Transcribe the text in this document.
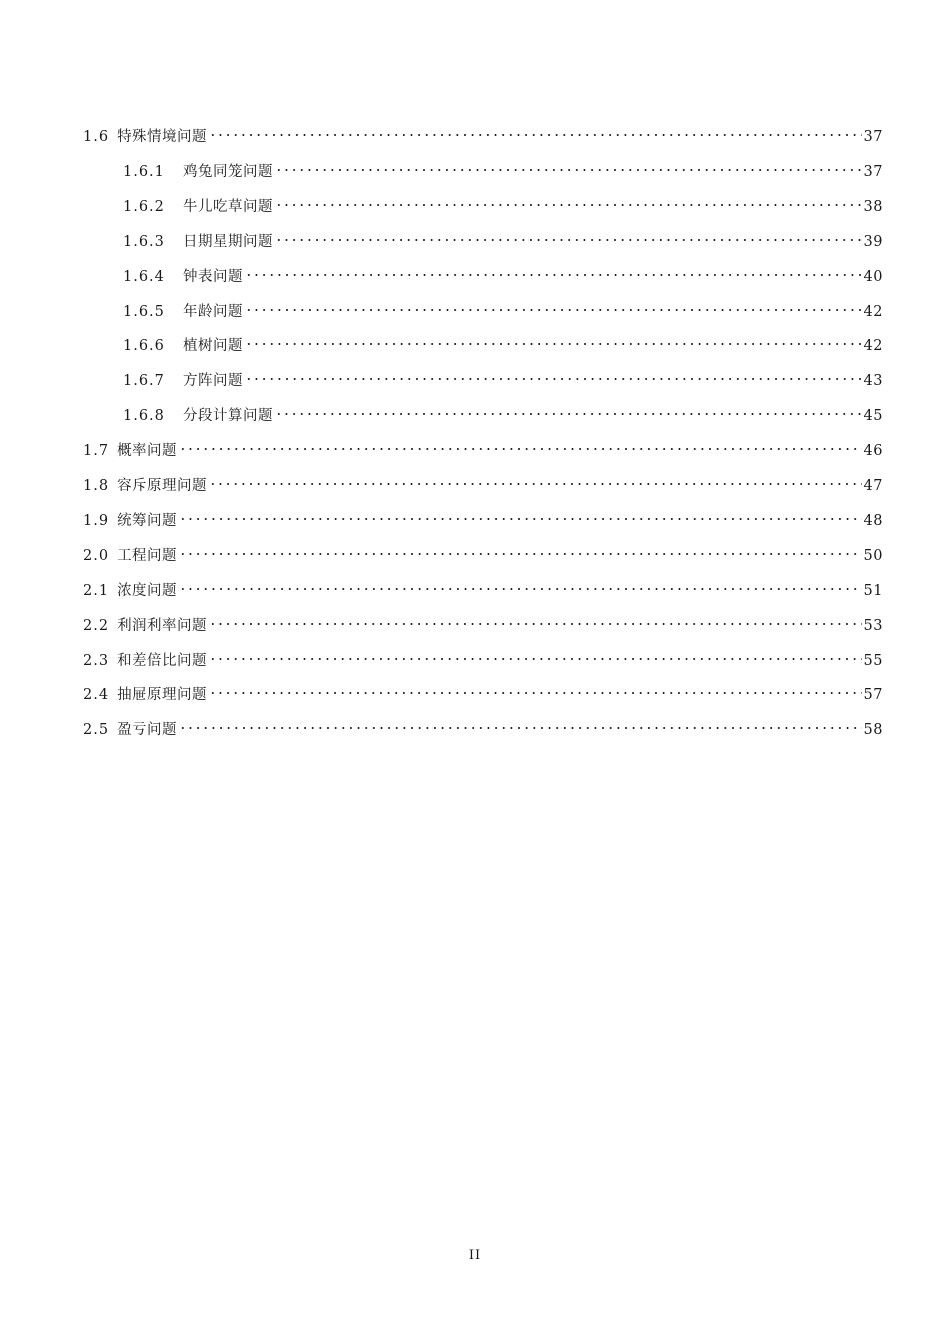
1.6 特殊情境问题	37
1.6.1	鸡兔同笼问题	37
1.6.2	牛儿吃草问题	38
1.6.3	日期星期问题	39
1.6.4	钟表问题	40
1.6.5	年龄问题	42
1.6.6	植树问题	42
1.6.7	方阵问题	43
1.6.8	分段计算问题	45
1.7 概率问题	46
1.8 容斥原理问题	47
1.9 统筹问题	48
2.0 工程问题	50
2.1 浓度问题	51
2.2 利润利率问题	53
2.3 和差倍比问题	55
2.4 抽屉原理问题	57
2.5 盈亏问题	58
II
